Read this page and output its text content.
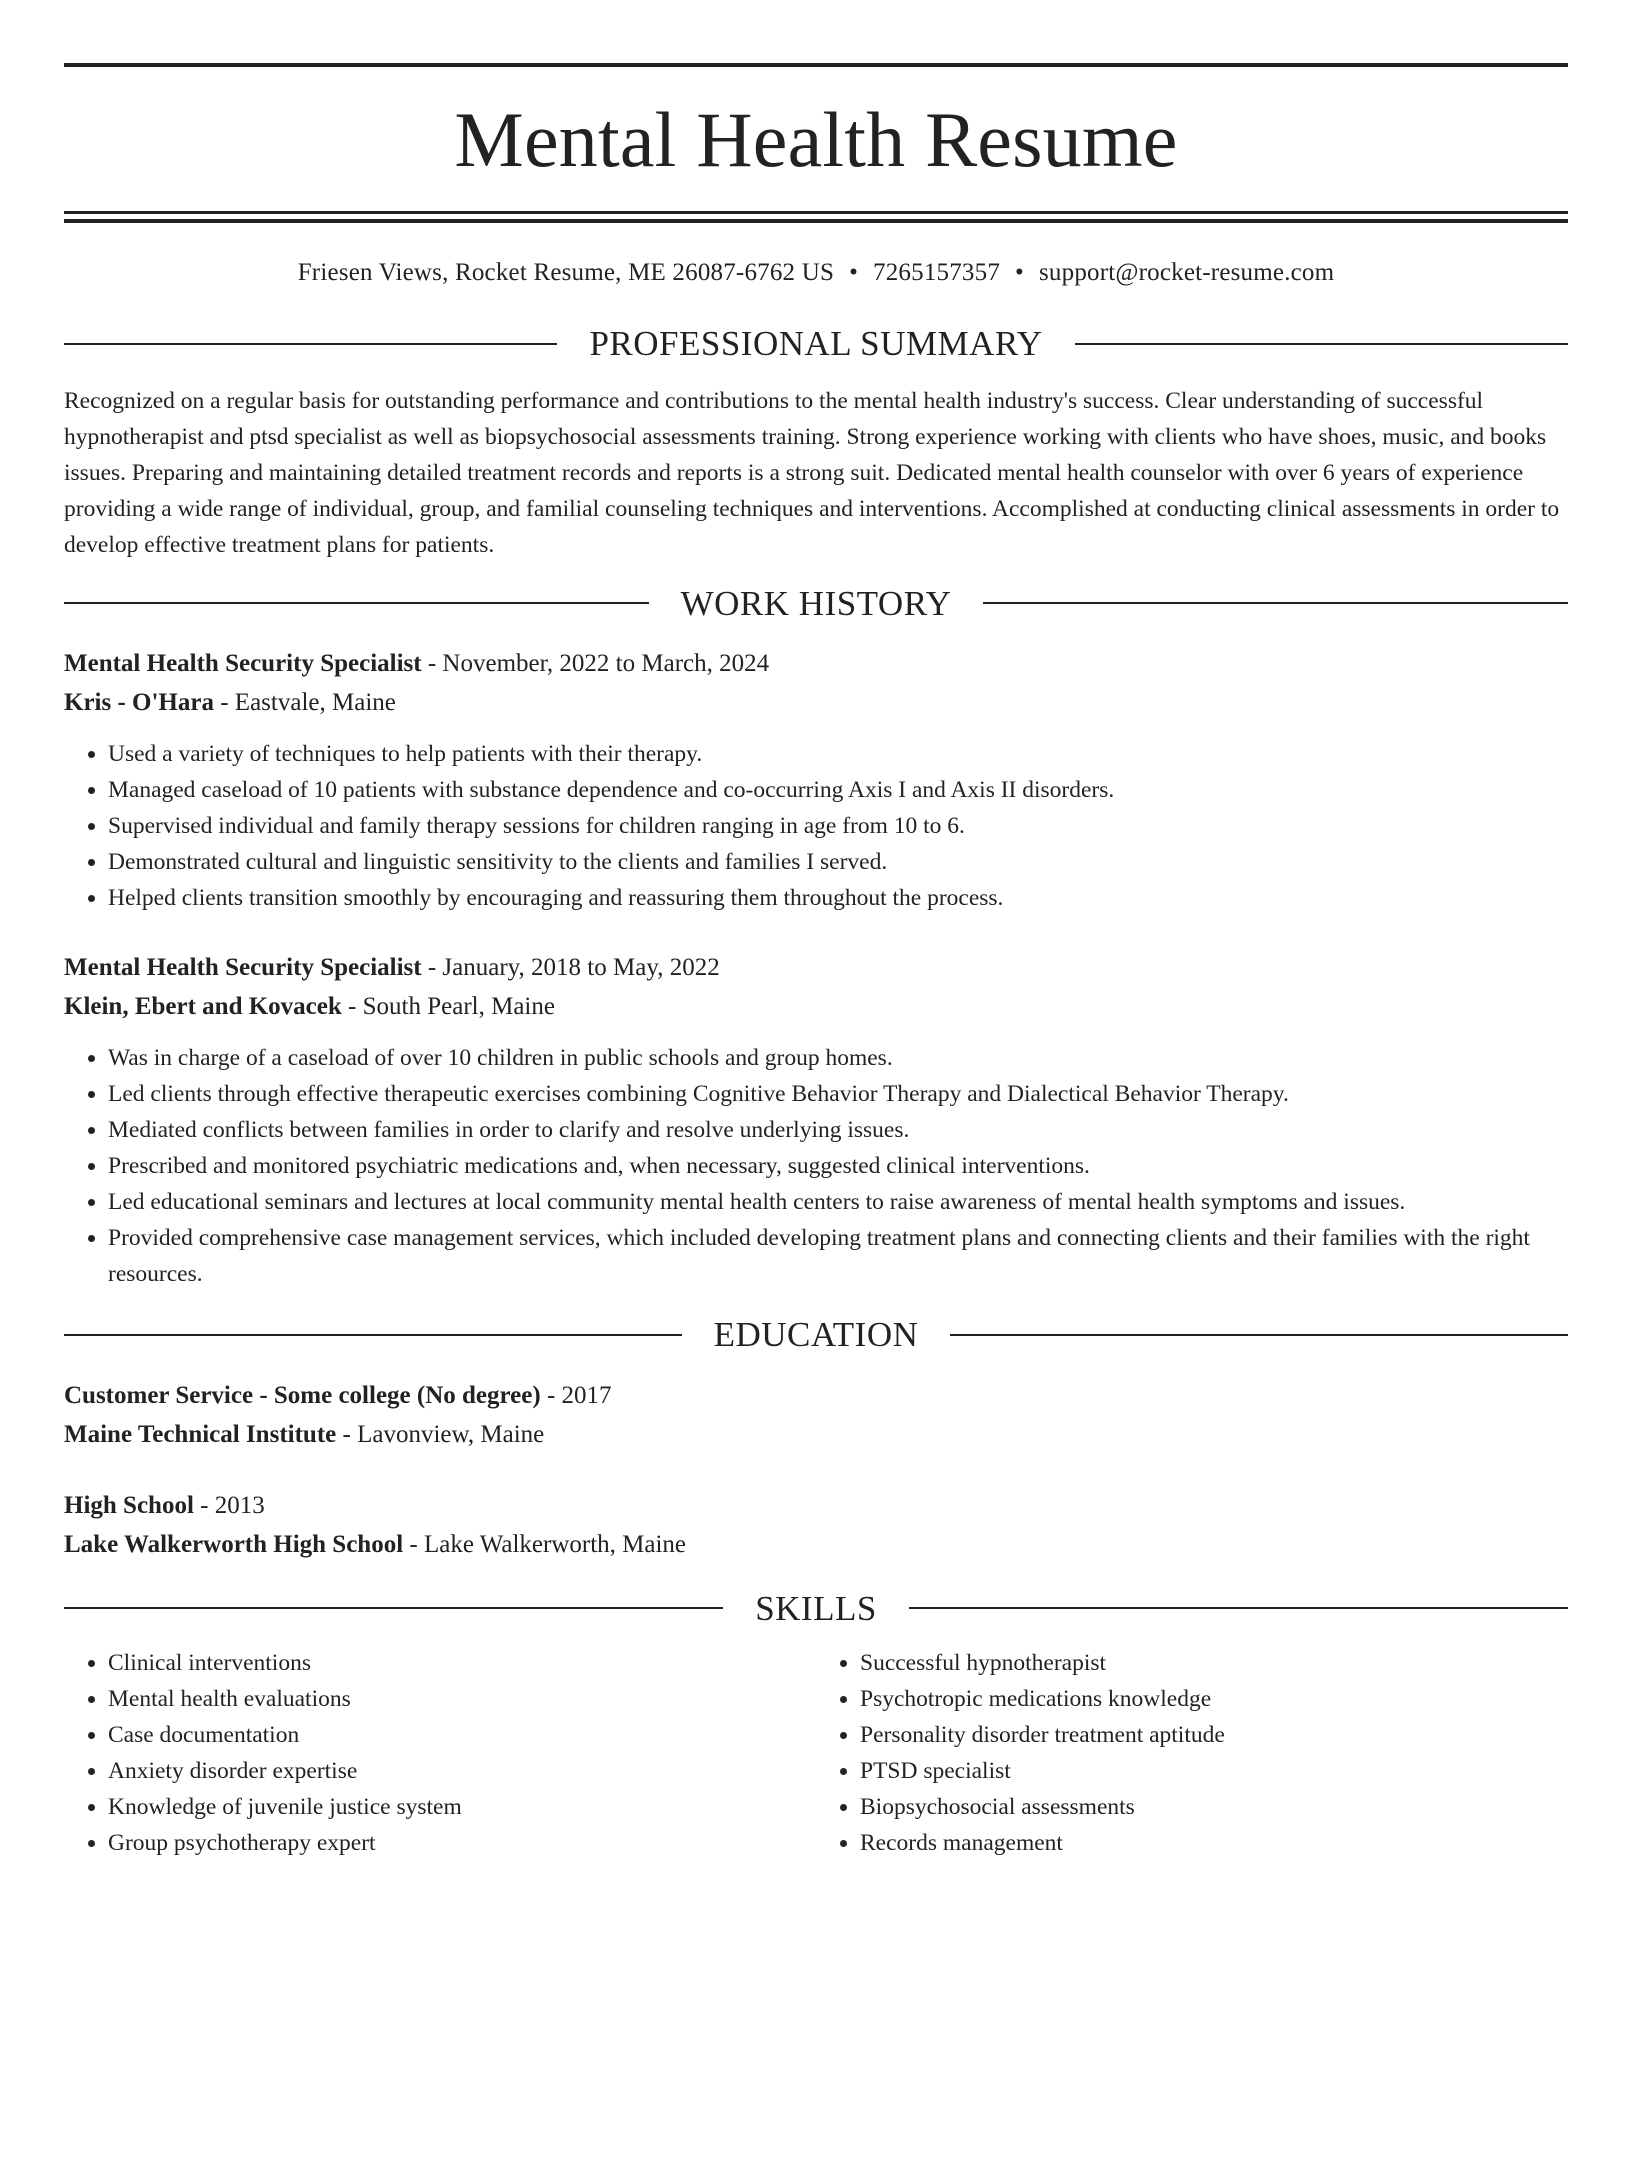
Mental Health Resume
Friesen Views, Rocket Resume, ME 26087-6762 US • 7265157357 • support@rocket-resume.com
PROFESSIONAL SUMMARY

Recognized on a regular basis for outstanding performance and contributions to the mental health industry's success. Clear understanding of successful hypnotherapist and ptsd specialist as well as biopsychosocial assessments training. Strong experience working with clients who have shoes, music, and books issues. Preparing and maintaining detailed treatment records and reports is a strong suit. Dedicated mental health counselor with over 6 years of experience providing a wide range of individual, group, and familial counseling techniques and interventions. Accomplished at conducting clinical assessments in order to develop effective treatment plans for patients.

WORK HISTORY
Mental Health Security Specialist - November, 2022 to March, 2024
Kris - O'Hara - Eastvale, Maine
• Used a variety of techniques to help patients with their therapy.
• Managed caseload of 10 patients with substance dependence and co-occurring Axis I and Axis II disorders.
• Supervised individual and family therapy sessions for children ranging in age from 10 to 6.
• Demonstrated cultural and linguistic sensitivity to the clients and families I served.
• Helped clients transition smoothly by encouraging and reassuring them throughout the process.
Mental Health Security Specialist - January, 2018 to May, 2022
Klein, Ebert and Kovacek - South Pearl, Maine
• Was in charge of a caseload of over 10 children in public schools and group homes.
• Led clients through effective therapeutic exercises combining Cognitive Behavior Therapy and Dialectical Behavior Therapy.
• Mediated conflicts between families in order to clarify and resolve underlying issues.
• Prescribed and monitored psychiatric medications and, when necessary, suggested clinical interventions.
• Led educational seminars and lectures at local community mental health centers to raise awareness of mental health symptoms and issues.
• Provided comprehensive case management services, which included developing treatment plans and connecting clients and their families with the right resources.
EDUCATION
Customer Service - Some college (No degree) - 2017
Maine Technical Institute - Lavonview, Maine
High School - 2013
Lake Walkerworth High School - Lake Walkerworth, Maine
SKILLS
• Clinical interventions
• Mental health evaluations
• Case documentation
• Anxiety disorder expertise
• Knowledge of juvenile justice system
• Group psychotherapy expert
• Successful hypnotherapist
• Psychotropic medications knowledge
• Personality disorder treatment aptitude
• PTSD specialist
• Biopsychosocial assessments
• Records management
